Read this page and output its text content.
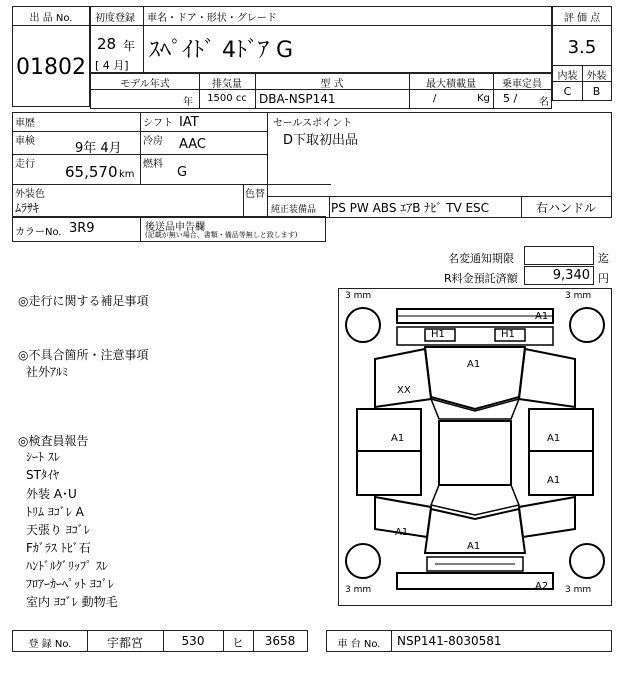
出 品 No.
01802
初度登録 車名・ドア・形状・グレード
28 年
[ 4 月]
ｽﾍﾟｲﾄﾞ 4ﾄﾞｱ G
評 価 点
3.5
内装 外装
C	B
モデル年式
年
排気量
1500 cc
型 式
DBA-NSP141
最大積載量
/	Kg
乗車定員
5 / 名
車歴
車検	9年 4月
走行 65,570 km
シフト IAT
冷房 AAC
燃料
G
セールスポイント
D下取初出品
外装色
ﾑﾗｻｷ
色替
純正装備品 PS PW ABS ｴｱB ﾅﾋﾞ TV ESC	右ハンドル
カラーNo. 3R9	後送品申告欄
(記載が無い場合、書類・備品等無しと致します)
名変通知期限	迄
R料金預託済額	9,340 円
◎走行に関する補足事項
◎不具合箇所・注意事項
社外ｱﾙﾐ
◎検査員報告
ｼｰﾄ ｽﾚ
STﾀｲﾔ
外装 A･U
ﾄﾘﾑ ﾖｺﾞﾚ A
天張り ﾖｺﾞﾚ
Fｶﾞﾗｽ ﾄﾋﾞ石
ﾊﾝﾄﾞﾙｸﾞﾘｯﾌﾟ ｽﾚ
ﾌﾛｱｰｶｰﾍﾟｯﾄ ﾖｺﾞﾚ
室内 ﾖｺﾞﾚ 動物毛
3 mm	3 mm
3 mm	3 mm
A1
H1	H1
A1
XX
A1	A1
A1
A1
A1
A2
登 録 No.	宇都宮	530	ヒ	3658	車 台 No.	NSP141-8030581
